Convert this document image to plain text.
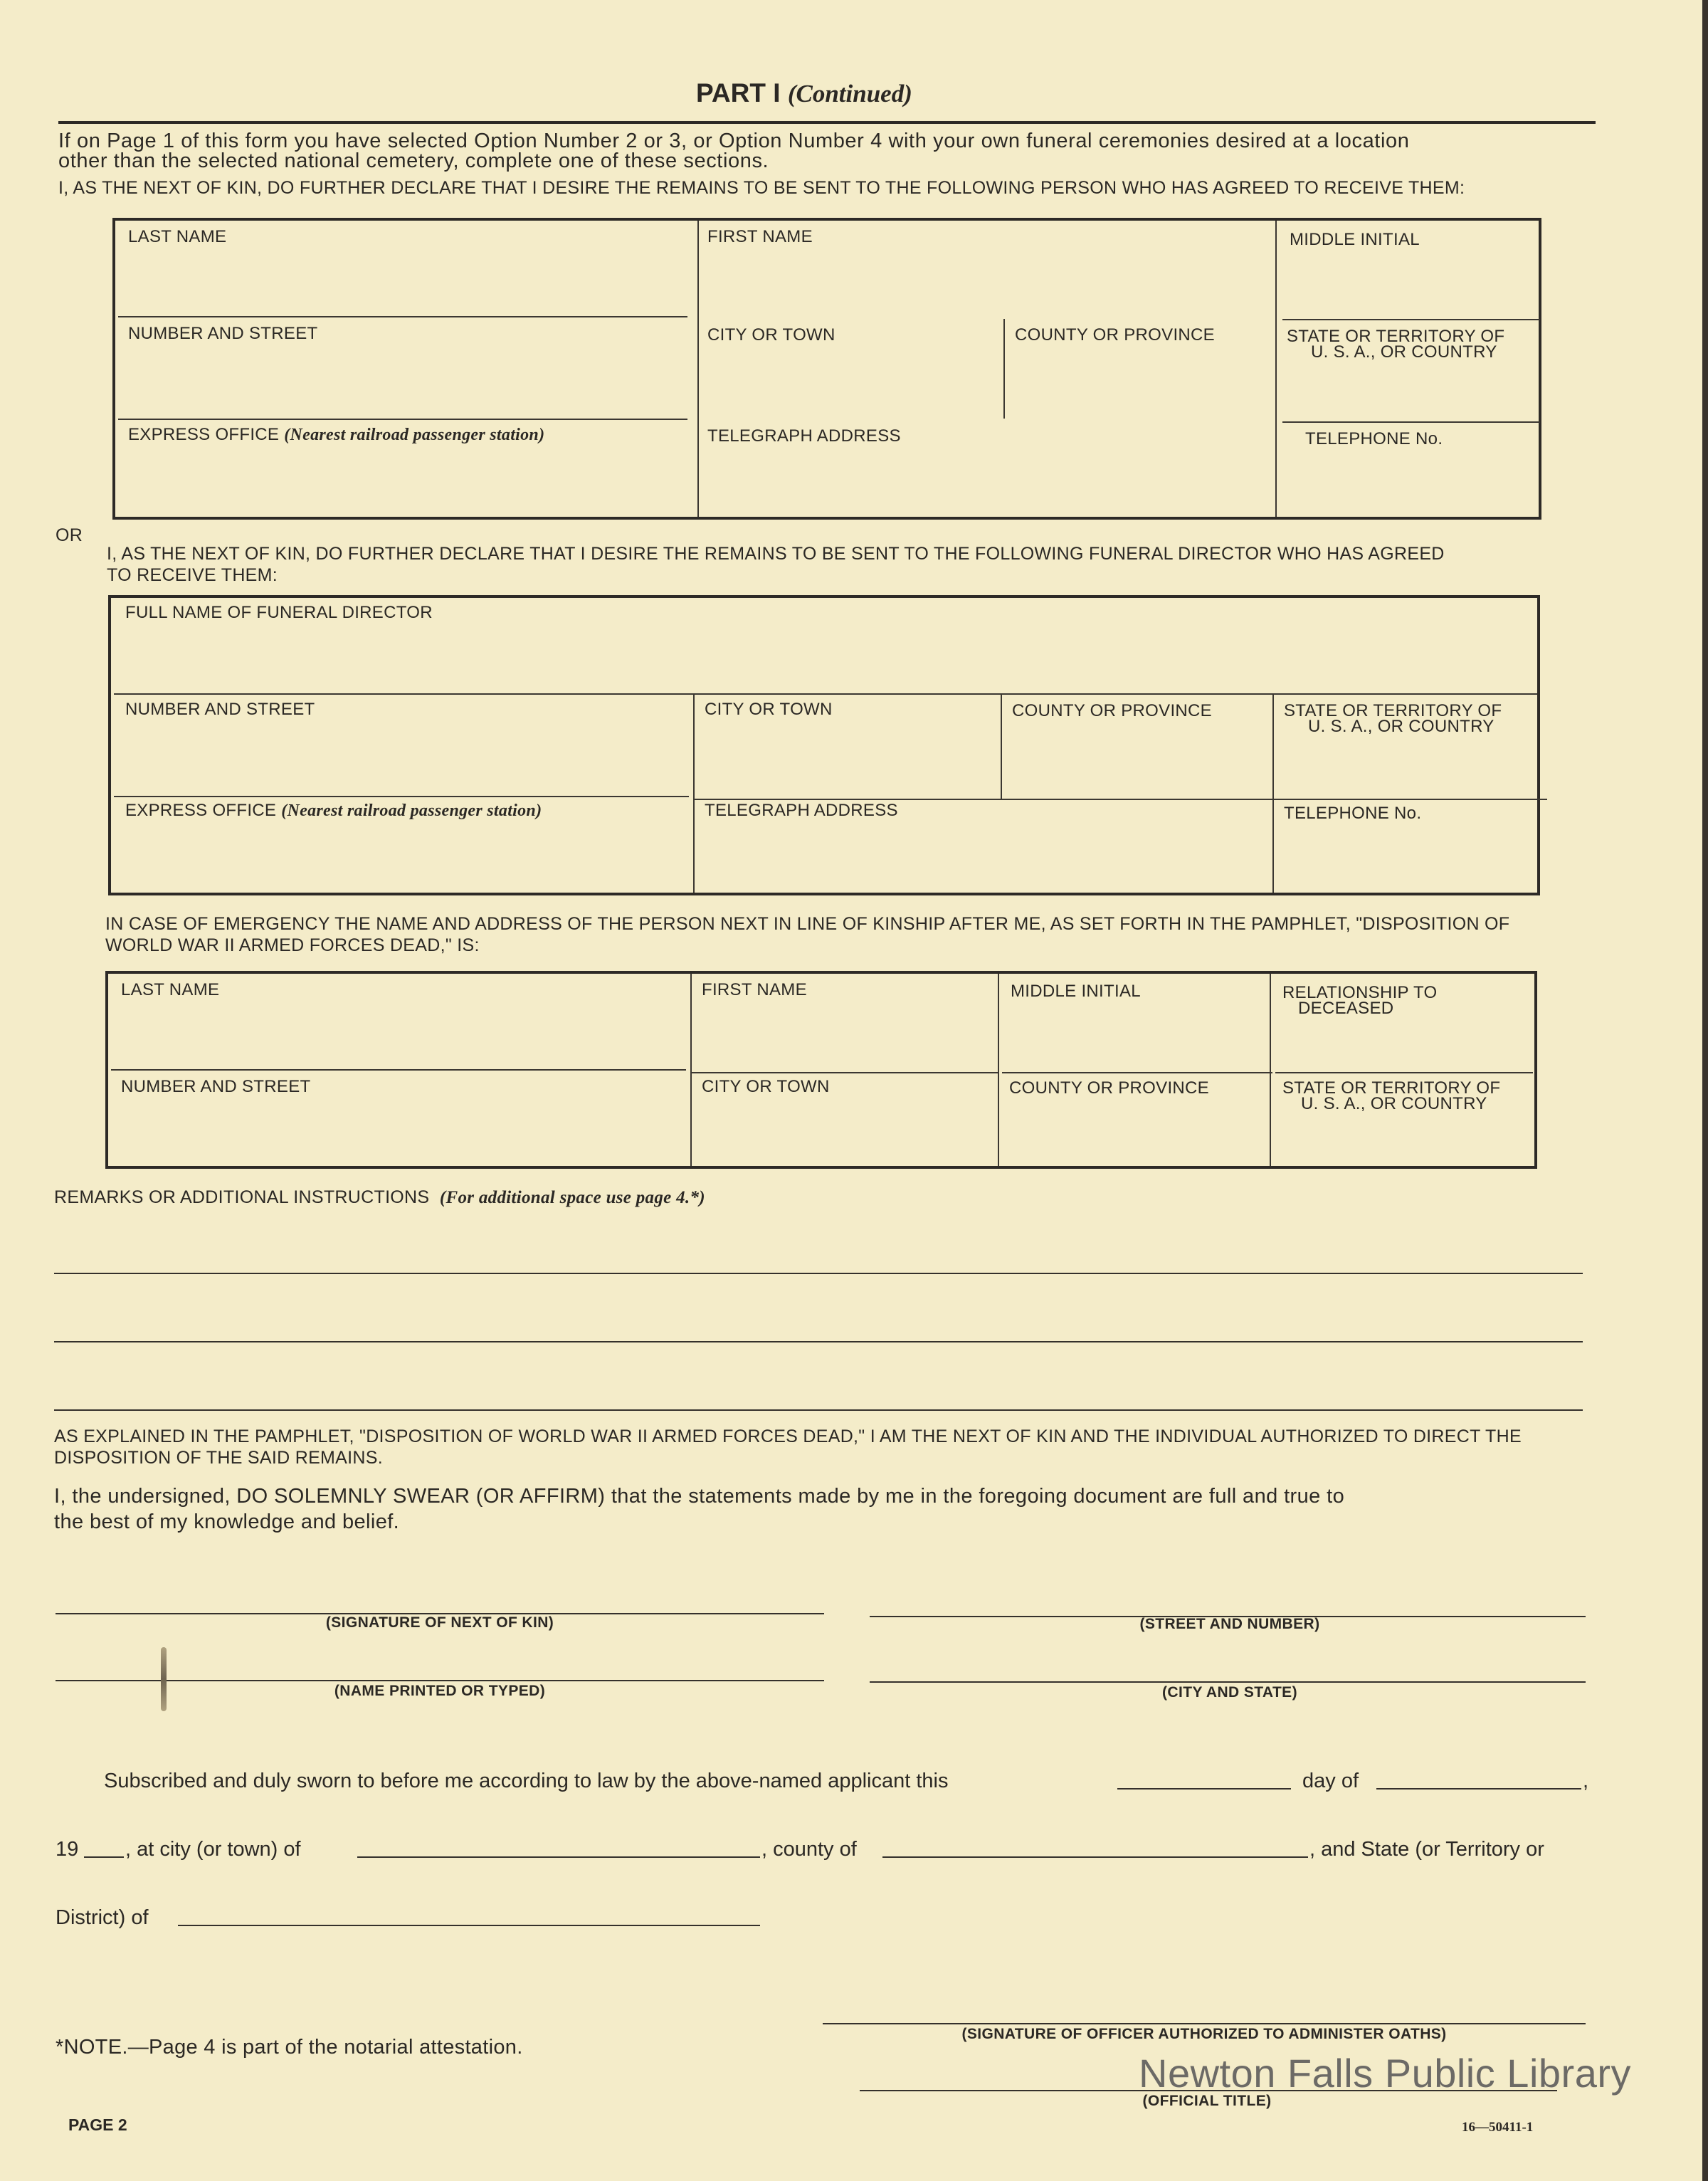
PART I (Continued)
If on Page 1 of this form you have selected Option Number 2 or 3, or Option Number 4 with your own funeral ceremonies desired at a location
other than the selected national cemetery, complete one of these sections.
I, AS THE NEXT OF KIN, DO FURTHER DECLARE THAT I DESIRE THE REMAINS TO BE SENT TO THE FOLLOWING PERSON WHO HAS AGREED TO RECEIVE THEM:
LAST NAME	FIRST NAME	MIDDLE INITIAL
NUMBER AND STREET	CITY OR TOWN	COUNTY OR PROVINCE	STATE OR TERRITORY OF
U. S. A., OR COUNTRY
EXPRESS OFFICE (Nearest railroad passenger station)	TELEGRAPH ADDRESS	TELEPHONE No.
OR
I, AS THE NEXT OF KIN, DO FURTHER DECLARE THAT I DESIRE THE REMAINS TO BE SENT TO THE FOLLOWING FUNERAL DIRECTOR WHO HAS AGREED
TO RECEIVE THEM:
FULL NAME OF FUNERAL DIRECTOR
NUMBER AND STREET	CITY OR TOWN	COUNTY OR PROVINCE	STATE OR TERRITORY OF
U. S. A., OR COUNTRY
EXPRESS OFFICE (Nearest railroad passenger station)	TELEGRAPH ADDRESS	TELEPHONE No.
IN CASE OF EMERGENCY THE NAME AND ADDRESS OF THE PERSON NEXT IN LINE OF KINSHIP AFTER ME, AS SET FORTH IN THE PAMPHLET, "DISPOSITION OF
WORLD WAR II ARMED FORCES DEAD," IS:
LAST NAME	FIRST NAME	MIDDLE INITIAL	RELATIONSHIP TO
DECEASED
NUMBER AND STREET	CITY OR TOWN	COUNTY OR PROVINCE	STATE OR TERRITORY OF
U. S. A., OR COUNTRY
REMARKS OR ADDITIONAL INSTRUCTIONS (For additional space use page 4.*)
AS EXPLAINED IN THE PAMPHLET, "DISPOSITION OF WORLD WAR II ARMED FORCES DEAD," I AM THE NEXT OF KIN AND THE INDIVIDUAL AUTHORIZED TO DIRECT THE
DISPOSITION OF THE SAID REMAINS.
I, the undersigned, DO SOLEMNLY SWEAR (OR AFFIRM) that the statements made by me in the foregoing document are full and true to
the best of my knowledge and belief.
(SIGNATURE OF NEXT OF KIN)	(STREET AND NUMBER)
(NAME PRINTED OR TYPED)	(CITY AND STATE)
Subscribed and duly sworn to before me according to law by the above-named applicant this	day of	,
19 , at city (or town) of	, county of	, and State (or Territory or
District) of
*NOTE.—Page 4 is part of the notarial attestation.
(SIGNATURE OF OFFICER AUTHORIZED TO ADMINISTER OATHS)
(OFFICIAL TITLE)
Newton Falls Public Library
PAGE 2	16—50411-1
